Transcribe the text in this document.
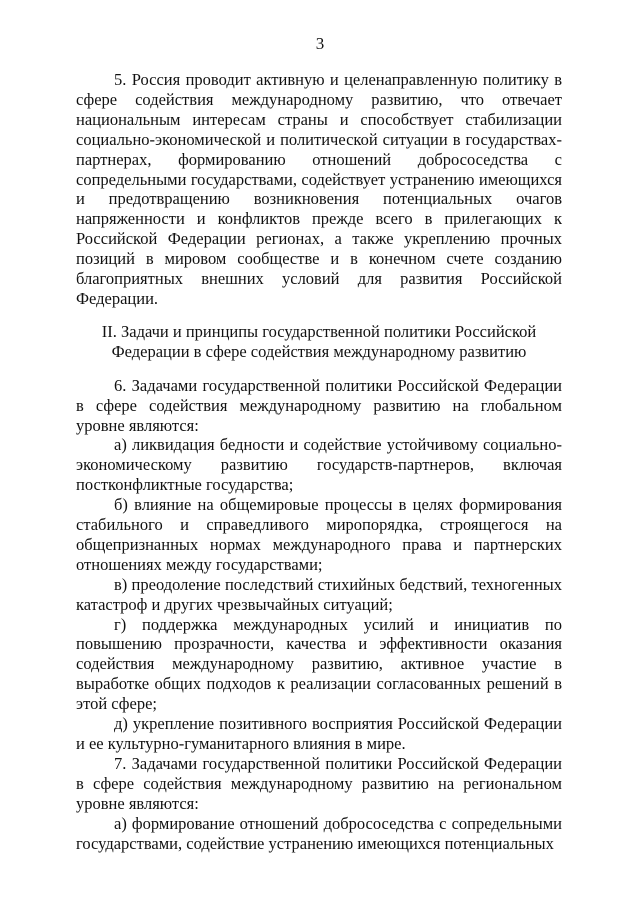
3

5. Россия проводит активную и целенаправленную политику в сфере содействия международному развитию, что отвечает национальным интересам страны и способствует стабилизации социально-экономической и политической ситуации в государствах-партнерах, формированию отношений добрососедства с сопредельными государствами, содействует устранению имеющихся и предотвращению возникновения потенциальных очагов напряженности и конфликтов прежде всего в прилегающих к Российской Федерации регионах, а также укреплению прочных позиций в мировом сообществе и в конечном счете созданию благоприятных внешних условий для развития Российской Федерации.

II. Задачи и принципы государственной политики Российской Федерации в сфере содействия международному развитию

6. Задачами государственной политики Российской Федерации в сфере содействия международному развитию на глобальном уровне являются:

а) ликвидация бедности и содействие устойчивому социально-экономическому развитию государств-партнеров, включая постконфликтные государства;

б) влияние на общемировые процессы в целях формирования стабильного и справедливого миропорядка, строящегося на общепризнанных нормах международного права и партнерских отношениях между государствами;

в) преодоление последствий стихийных бедствий, техногенных катастроф и других чрезвычайных ситуаций;

г) поддержка международных усилий и инициатив по повышению прозрачности, качества и эффективности оказания содействия международному развитию, активное участие в выработке общих подходов к реализации согласованных решений в этой сфере;

д) укрепление позитивного восприятия Российской Федерации и ее культурно-гуманитарного влияния в мире.

7. Задачами государственной политики Российской Федерации в сфере содействия международному развитию на региональном уровне являются:

а) формирование отношений добрососедства с сопредельными государствами, содействие устранению имеющихся потенциальных
